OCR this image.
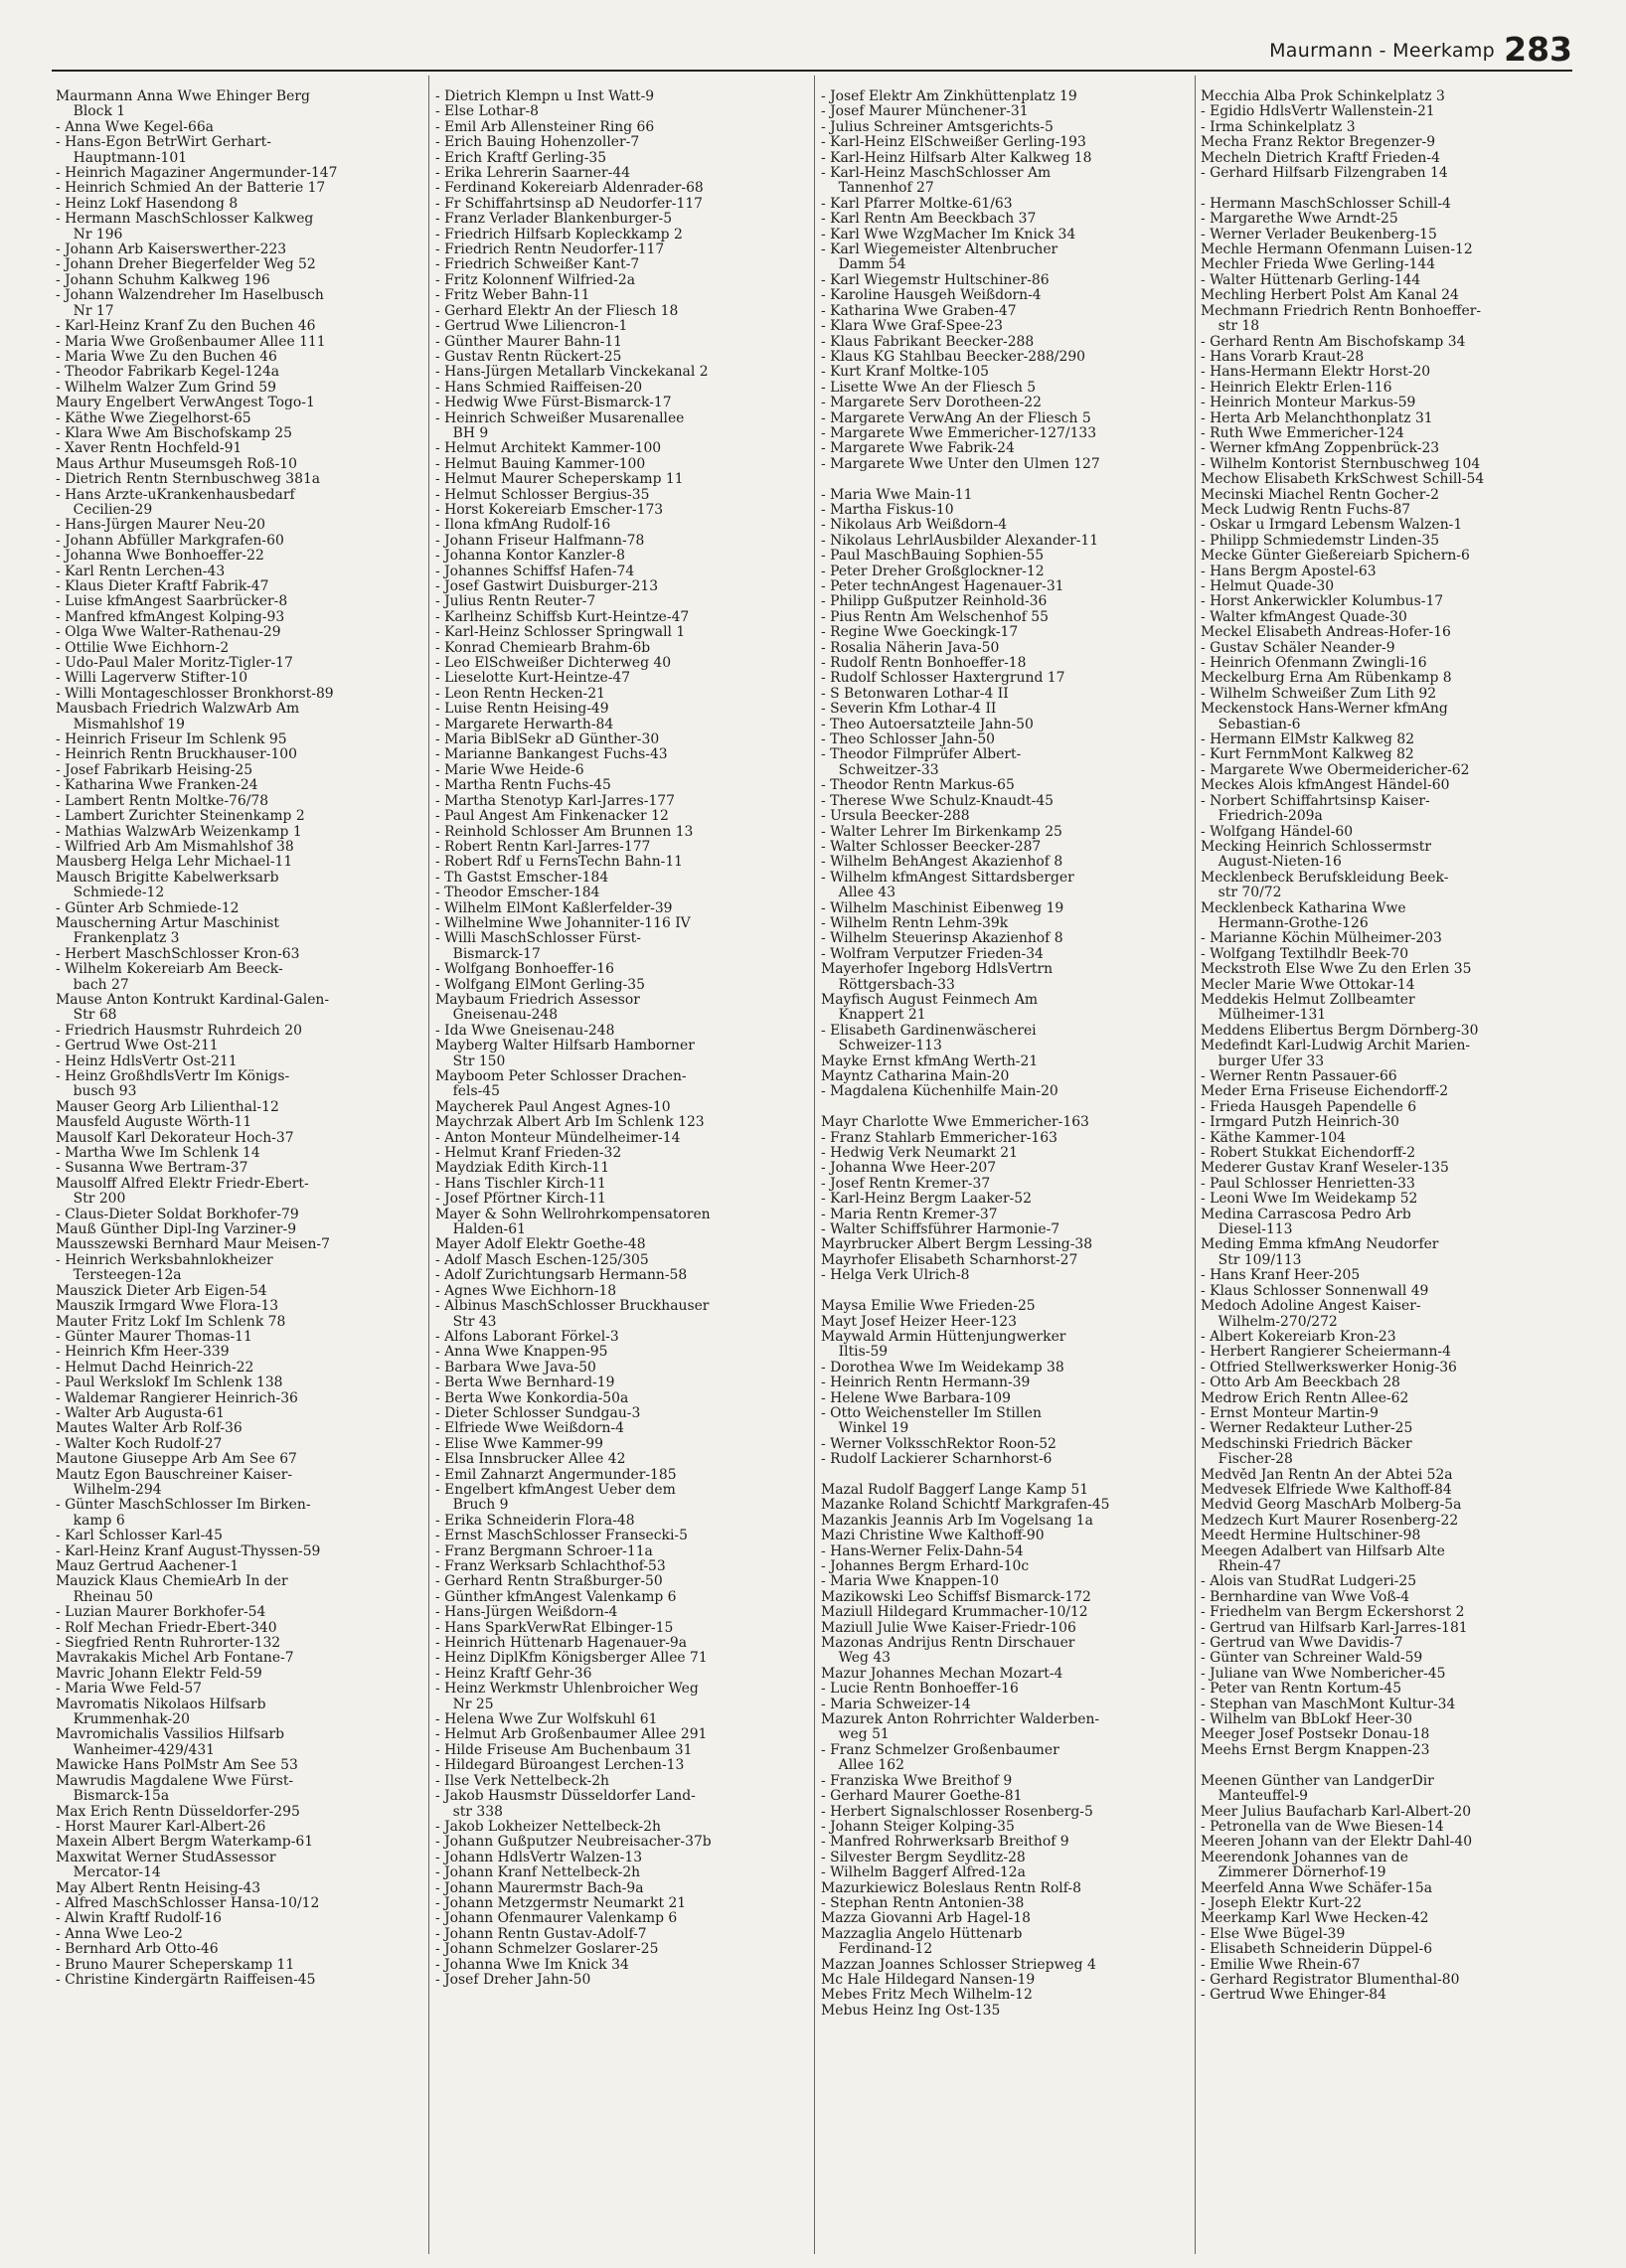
Maurmann - Meerkamp 283
Maurmann Anna Wwe Ehinger Berg
Block 1
- Anna Wwe Kegel-66a
- Hans-Egon BetrWirt Gerhart-
Hauptmann-101
- Heinrich Magaziner Angermunder-147
- Heinrich Schmied An der Batterie 17
- Heinz Lokf Hasendong 8
- Hermann MaschSchlosser Kalkweg
Nr 196
- Johann Arb Kaiserswerther-223
- Johann Dreher Biegerfelder Weg 52
- Johann Schuhm Kalkweg 196
- Johann Walzendreher Im Haselbusch
Nr 17
- Karl-Heinz Kranf Zu den Buchen 46
- Maria Wwe Großenbaumer Allee 111
- Maria Wwe Zu den Buchen 46
- Theodor Fabrikarb Kegel-124a
- Wilhelm Walzer Zum Grind 59
Maury Engelbert VerwAngest Togo-1
- Käthe Wwe Ziegelhorst-65
- Klara Wwe Am Bischofskamp 25
- Xaver Rentn Hochfeld-91
Maus Arthur Museumsgeh Roß-10
- Dietrich Rentn Sternbuschweg 381a
- Hans Ärzte-uKrankenhausbedarf
Cecilien-29
- Hans-Jürgen Maurer Neu-20
- Johann Abfüller Markgrafen-60
- Johanna Wwe Bonhoeffer-22
- Karl Rentn Lerchen-43
- Klaus Dieter Kraftf Fabrik-47
- Luise kfmAngest Saarbrücker-8
- Manfred kfmAngest Kolping-93
- Olga Wwe Walter-Rathenau-29
- Ottilie Wwe Eichhorn-2
- Udo-Paul Maler Moritz-Tigler-17
- Willi Lagerverw Stifter-10
- Willi Montageschlosser Bronkhorst-89
Mausbach Friedrich WalzwArb Am
Mismahlshof 19
- Heinrich Friseur Im Schlenk 95
- Heinrich Rentn Bruckhauser-100
- Josef Fabrikarb Heising-25
- Katharina Wwe Franken-24
- Lambert Rentn Moltke-76/78
- Lambert Zurichter Steinenkamp 2
- Mathias WalzwArb Weizenkamp 1
- Wilfried Arb Am Mismahlshof 38
Mausberg Helga Lehr Michael-11
Mausch Brigitte Kabelwerksarb
Schmiede-12
- Günter Arb Schmiede-12
Mauscherning Artur Maschinist
Frankenplatz 3
- Herbert MaschSchlosser Kron-63
- Wilhelm Kokereiarb Am Beeck-
bach 27
Mause Anton Kontrukt Kardinal-Galen-
Str 68
- Friedrich Hausmstr Ruhrdeich 20
- Gertrud Wwe Ost-211
- Heinz HdlsVertr Ost-211
- Heinz GroßhdlsVertr Im Königs-
busch 93
Mauser Georg Arb Lilienthal-12
Mausfeld Auguste Wörth-11
Mausolf Karl Dekorateur Hoch-37
- Martha Wwe Im Schlenk 14
- Susanna Wwe Bertram-37
Mausolff Alfred Elektr Friedr-Ebert-
Str 200
- Claus-Dieter Soldat Borkhofer-79
Mauß Günther Dipl-Ing Varziner-9
Mausszewski Bernhard Maur Meisen-7
- Heinrich Werksbahnlokheizer
Tersteegen-12a
Mauszick Dieter Arb Eigen-54
Mauszik Irmgard Wwe Flora-13
Mauter Fritz Lokf Im Schlenk 78
- Günter Maurer Thomas-11
- Heinrich Kfm Heer-339
- Helmut Dachd Heinrich-22
- Paul Werkslokf Im Schlenk 138
- Waldemar Rangierer Heinrich-36
- Walter Arb Augusta-61
Mautes Walter Arb Rolf-36
- Walter Koch Rudolf-27
Mautone Giuseppe Arb Am See 67
Mautz Egon Bauschreiner Kaiser-
Wilhelm-294
- Günter MaschSchlosser Im Birken-
kamp 6
- Karl Schlosser Karl-45
- Karl-Heinz Kranf August-Thyssen-59
Mauz Gertrud Aachener-1
Mauzick Klaus ChemieArb In der
Rheinau 50
- Luzian Maurer Borkhofer-54
- Rolf Mechan Friedr-Ebert-340
- Siegfried Rentn Ruhrorter-132
Mavrakakis Michel Arb Fontane-7
Mavric Johann Elektr Feld-59
- Maria Wwe Feld-57
Mavromatis Nikolaos Hilfsarb
Krummenhak-20
Mavromichalis Vassilios Hilfsarb
Wanheimer-429/431
Mawicke Hans PolMstr Am See 53
Mawrudis Magdalene Wwe Fürst-
Bismarck-15a
Max Erich Rentn Düsseldorfer-295
- Horst Maurer Karl-Albert-26
Maxein Albert Bergm Waterkamp-61
Maxwitat Werner StudAssessor
Mercator-14
May Albert Rentn Heising-43
- Alfred MaschSchlosser Hansa-10/12
- Alwin Kraftf Rudolf-16
- Anna Wwe Leo-2
- Bernhard Arb Otto-46
- Bruno Maurer Scheperskamp 11
- Christine Kindergärtn Raiffeisen-45
- Dietrich Klempn u Inst Watt-9
- Else Lothar-8
- Emil Arb Allensteiner Ring 66
- Erich Bauing Hohenzoller-7
- Erich Kraftf Gerling-35
- Erika Lehrerin Saarner-44
- Ferdinand Kokereiarb Aldenrader-68
- Fr Schiffahrtsinsp aD Neudorfer-117
- Franz Verlader Blankenburger-5
- Friedrich Hilfsarb Kopleckkamp 2
- Friedrich Rentn Neudorfer-117
- Friedrich Schweißer Kant-7
- Fritz Kolonnenf Wilfried-2a
- Fritz Weber Bahn-11
- Gerhard Elektr An der Fliesch 18
- Gertrud Wwe Liliencron-1
- Günther Maurer Bahn-11
- Gustav Rentn Rückert-25
- Hans-Jürgen Metallarb Vinckekanal 2
- Hans Schmied Raiffeisen-20
- Hedwig Wwe Fürst-Bismarck-17
- Heinrich Schweißer Musarenallee
BH 9
- Helmut Architekt Kammer-100
- Helmut Bauing Kammer-100
- Helmut Maurer Scheperskamp 11
- Helmut Schlosser Bergius-35
- Horst Kokereiarb Emscher-173
- Ilona kfmAng Rudolf-16
- Johann Friseur Halfmann-78
- Johanna Kontor Kanzler-8
- Johannes Schiffsf Hafen-74
- Josef Gastwirt Duisburger-213
- Julius Rentn Reuter-7
- Karlheinz Schiffsb Kurt-Heintze-47
- Karl-Heinz Schlosser Springwall 1
- Konrad Chemiearb Brahm-6b
- Leo ElSchweißer Dichterweg 40
- Lieselotte Kurt-Heintze-47
- Leon Rentn Hecken-21
- Luise Rentn Heising-49
- Margarete Herwarth-84
- Maria BiblSekr aD Günther-30
- Marianne Bankangest Fuchs-43
- Marie Wwe Heide-6
- Martha Rentn Fuchs-45
- Martha Stenotyp Karl-Jarres-177
- Paul Angest Am Finkenacker 12
- Reinhold Schlosser Am Brunnen 13
- Robert Rentn Karl-Jarres-177
- Robert Rdf u FernsTechn Bahn-11
- Th Gastst Emscher-184
- Theodor Emscher-184
- Wilhelm ElMont Kaßlerfelder-39
- Wilhelmine Wwe Johanniter-116 IV
- Willi MaschSchlosser Fürst-
Bismarck-17
- Wolfgang Bonhoeffer-16
- Wolfgang ElMont Gerling-35
Maybaum Friedrich Assessor
Gneisenau-248
- Ida Wwe Gneisenau-248
Mayberg Walter Hilfsarb Hamborner
Str 150
Mayboom Peter Schlosser Drachen-
fels-45
Maycherek Paul Angest Agnes-10
Maychrzak Albert Arb Im Schlenk 123
- Anton Monteur Mündelheimer-14
- Helmut Kranf Frieden-32
Maydziak Edith Kirch-11
- Hans Tischler Kirch-11
- Josef Pförtner Kirch-11
Mayer & Sohn Wellrohrkompensatoren
Halden-61
Mayer Adolf Elektr Goethe-48
- Adolf Masch Eschen-125/305
- Adolf Zurichtungsarb Hermann-58
- Agnes Wwe Eichhorn-18
- Albinus MaschSchlosser Bruckhauser
Str 43
- Alfons Laborant Förkel-3
- Anna Wwe Knappen-95
- Barbara Wwe Java-50
- Berta Wwe Bernhard-19
- Berta Wwe Konkordia-50a
- Dieter Schlosser Sundgau-3
- Elfriede Wwe Weißdorn-4
- Elise Wwe Kammer-99
- Elsa Innsbrucker Allee 42
- Emil Zahnarzt Angermunder-185
- Engelbert kfmAngest Ueber dem
Bruch 9
- Erika Schneiderin Flora-48
- Ernst MaschSchlosser Fransecki-5
- Franz Bergmann Schroer-11a
- Franz Werksarb Schlachthof-53
- Gerhard Rentn Straßburger-50
- Günther kfmAngest Valenkamp 6
- Hans-Jürgen Weißdorn-4
- Hans SparkVerwRat Elbinger-15
- Heinrich Hüttenarb Hagenauer-9a
- Heinz DiplKfm Königsberger Allee 71
- Heinz Kraftf Gehr-36
- Heinz Werkmstr Uhlenbroicher Weg
Nr 25
- Helena Wwe Zur Wolfskuhl 61
- Helmut Arb Großenbaumer Allee 291
- Hilde Friseuse Am Buchenbaum 31
- Hildegard Büroangest Lerchen-13
- Ilse Verk Nettelbeck-2h
- Jakob Hausmstr Düsseldorfer Land-
str 338
- Jakob Lokheizer Nettelbeck-2h
- Johann Gußputzer Neubreisacher-37b
- Johann HdlsVertr Walzen-13
- Johann Kranf Nettelbeck-2h
- Johann Maurermstr Bach-9a
- Johann Metzgermstr Neumarkt 21
- Johann Ofenmaurer Valenkamp 6
- Johann Rentn Gustav-Adolf-7
- Johann Schmelzer Goslarer-25
- Johanna Wwe Im Knick 34
- Josef Dreher Jahn-50
- Josef Elektr Am Zinkhüttenplatz 19
- Josef Maurer Münchener-31
- Julius Schreiner Amtsgerichts-5
- Karl-Heinz ElSchweißer Gerling-193
- Karl-Heinz Hilfsarb Alter Kalkweg 18
- Karl-Heinz MaschSchlosser Am
Tannenhof 27
- Karl Pfarrer Moltke-61/63
- Karl Rentn Am Beeckbach 37
- Karl Wwe WzgMacher Im Knick 34
- Karl Wiegemeister Altenbrucher
Damm 54
- Karl Wiegemstr Hultschiner-86
- Karoline Hausgeh Weißdorn-4
- Katharina Wwe Graben-47
- Klara Wwe Graf-Spee-23
- Klaus Fabrikant Beecker-288
- Klaus KG Stahlbau Beecker-288/290
- Kurt Kranf Moltke-105
- Lisette Wwe An der Fliesch 5
- Margarete Serv Dorotheen-22
- Margarete VerwAng An der Fliesch 5
- Margarete Wwe Emmericher-127/133
- Margarete Wwe Fabrik-24
- Margarete Wwe Unter den Ulmen 127

- Maria Wwe Main-11
- Martha Fiskus-10
- Nikolaus Arb Weißdorn-4
- Nikolaus LehrlAusbilder Alexander-11
- Paul MaschBauing Sophien-55
- Peter Dreher Großglockner-12
- Peter technAngest Hagenauer-31
- Philipp Gußputzer Reinhold-36
- Pius Rentn Am Welschenhof 55
- Regine Wwe Goeckingk-17
- Rosalia Näherin Java-50
- Rudolf Rentn Bonhoeffer-18
- Rudolf Schlosser Haxtergrund 17
- S Betonwaren Lothar-4 II
- Severin Kfm Lothar-4 II
- Theo Autoersatzteile Jahn-50
- Theo Schlosser Jahn-50
- Theodor Filmprüfer Albert-
Schweitzer-33
- Theodor Rentn Markus-65
- Therese Wwe Schulz-Knaudt-45
- Ursula Beecker-288
- Walter Lehrer Im Birkenkamp 25
- Walter Schlosser Beecker-287
- Wilhelm BehAngest Akazienhof 8
- Wilhelm kfmAngest Sittardsberger
Allee 43
- Wilhelm Maschinist Eibenweg 19
- Wilhelm Rentn Lehm-39k
- Wilhelm Steuerinsp Akazienhof 8
- Wolfram Verputzer Frieden-34
Mayerhofer Ingeborg HdlsVertrn
Röttgersbach-33
Mayfisch August Feinmech Am
Knappert 21
- Elisabeth Gardinenwäscherei
Schweizer-113
Mayke Ernst kfmAng Werth-21
Mayntz Catharina Main-20
- Magdalena Küchenhilfe Main-20

Mayr Charlotte Wwe Emmericher-163
- Franz Stahlarb Emmericher-163
- Hedwig Verk Neumarkt 21
- Johanna Wwe Heer-207
- Josef Rentn Kremer-37
- Karl-Heinz Bergm Laaker-52
- Maria Rentn Kremer-37
- Walter Schiffsführer Harmonie-7
Mayrbrucker Albert Bergm Lessing-38
Mayrhofer Elisabeth Scharnhorst-27
- Helga Verk Ulrich-8

Maysa Emilie Wwe Frieden-25
Mayt Josef Heizer Heer-123
Maywald Armin Hüttenjungwerker
Iltis-59
- Dorothea Wwe Im Weidekamp 38
- Heinrich Rentn Hermann-39
- Helene Wwe Barbara-109
- Otto Weichensteller Im Stillen
Winkel 19
- Werner VolksschRektor Roon-52
- Rudolf Lackierer Scharnhorst-6

Mazal Rudolf Baggerf Lange Kamp 51
Mazanke Roland Schichtf Markgrafen-45
Mazankis Jeannis Arb Im Vogelsang 1a
Mazi Christine Wwe Kalthoff-90
- Hans-Werner Felix-Dahn-54
- Johannes Bergm Erhard-10c
- Maria Wwe Knappen-10
Mazikowski Leo Schiffsf Bismarck-172
Maziull Hildegard Krummacher-10/12
Maziull Julie Wwe Kaiser-Friedr-106
Mazonas Andrijus Rentn Dirschauer
Weg 43
Mazur Johannes Mechan Mozart-4
- Lucie Rentn Bonhoeffer-16
- Maria Schweizer-14
Mazurek Anton Rohrrichter Walderben-
weg 51
- Franz Schmelzer Großenbaumer
Allee 162
- Franziska Wwe Breithof 9
- Gerhard Maurer Goethe-81
- Herbert Signalschlosser Rosenberg-5
- Johann Steiger Kolping-35
- Manfred Rohrwerksarb Breithof 9
- Silvester Bergm Seydlitz-28
- Wilhelm Baggerf Alfred-12a
Mazurkiewicz Boleslaus Rentn Rolf-8
- Stephan Rentn Antonien-38
Mazza Giovanni Arb Hagel-18
Mazzaglia Angelo Hüttenarb
Ferdinand-12
Mazzan Joannes Schlosser Striepweg 4
Mc Hale Hildegard Nansen-19
Mebes Fritz Mech Wilhelm-12
Mebus Heinz Ing Ost-135
Mecchia Alba Prok Schinkelplatz 3
- Egidio HdlsVertr Wallenstein-21
- Irma Schinkelplatz 3
Mecha Franz Rektor Bregenzer-9
Mecheln Dietrich Kraftf Frieden-4
- Gerhard Hilfsarb Filzengraben 14

- Hermann MaschSchlosser Schill-4
- Margarethe Wwe Arndt-25
- Werner Verlader Beukenberg-15
Mechle Hermann Ofenmann Luisen-12
Mechler Frieda Wwe Gerling-144
- Walter Hüttenarb Gerling-144
Mechling Herbert Polst Am Kanal 24
Mechmann Friedrich Rentn Bonhoeffer-
str 18
- Gerhard Rentn Am Bischofskamp 34
- Hans Vorarb Kraut-28
- Hans-Hermann Elektr Horst-20
- Heinrich Elektr Erlen-116
- Heinrich Monteur Markus-59
- Herta Arb Melanchthonplatz 31
- Ruth Wwe Emmericher-124
- Werner kfmAng Zoppenbrück-23
- Wilhelm Kontorist Sternbuschweg 104
Mechow Elisabeth KrkSchwest Schill-54
Mecinski Miachel Rentn Gocher-2
Meck Ludwig Rentn Fuchs-87
- Oskar u Irmgard Lebensm Walzen-1
- Philipp Schmiedemstr Linden-35
Mecke Günter Gießereiarb Spichern-6
- Hans Bergm Apostel-63
- Helmut Quade-30
- Horst Ankerwickler Kolumbus-17
- Walter kfmAngest Quade-30
Meckel Elisabeth Andreas-Hofer-16
- Gustav Schäler Neander-9
- Heinrich Ofenmann Zwingli-16
Meckelburg Erna Am Rübenkamp 8
- Wilhelm Schweißer Zum Lith 92
Meckenstock Hans-Werner kfmAng
Sebastian-6
- Hermann ElMstr Kalkweg 82
- Kurt FernmMont Kalkweg 82
- Margarete Wwe Obermeidericher-62
Meckes Alois kfmAngest Händel-60
- Norbert Schiffahrtsinsp Kaiser-
Friedrich-209a
- Wolfgang Händel-60
Mecking Heinrich Schlossermstr
August-Nieten-16
Mecklenbeck Berufskleidung Beek-
str 70/72
Mecklenbeck Katharina Wwe
Hermann-Grothe-126
- Marianne Köchin Mülheimer-203
- Wolfgang Textilhdlr Beek-70
Meckstroth Else Wwe Zu den Erlen 35
Mecler Marie Wwe Ottokar-14
Meddekis Helmut Zollbeamter
Mülheimer-131
Meddens Elibertus Bergm Dörnberg-30
Medefindt Karl-Ludwig Archit Marien-
burger Ufer 33
- Werner Rentn Passauer-66
Meder Erna Friseuse Eichendorff-2
- Frieda Hausgeh Papendelle 6
- Irmgard Putzh Heinrich-30
- Käthe Kammer-104
- Robert Stukkat Eichendorff-2
Mederer Gustav Kranf Weseler-135
- Paul Schlosser Henrietten-33
- Leoni Wwe Im Weidekamp 52
Medina Carrascosa Pedro Arb
Diesel-113
Meding Emma kfmAng Neudorfer
Str 109/113
- Hans Kranf Heer-205
- Klaus Schlosser Sonnenwall 49
Medoch Adoline Angest Kaiser-
Wilhelm-270/272
- Albert Kokereiarb Kron-23
- Herbert Rangierer Scheiermann-4
- Otfried Stellwerkswerker Honig-36
- Otto Arb Am Beeckbach 28
Medrow Erich Rentn Allee-62
- Ernst Monteur Martin-9
- Werner Redakteur Luther-25
Medschinski Friedrich Bäcker
Fischer-28
Medvěd Jan Rentn An der Abtei 52a
Medvesek Elfriede Wwe Kalthoff-84
Medvid Georg MaschArb Molberg-5a
Medzech Kurt Maurer Rosenberg-22
Meedt Hermine Hultschiner-98
Meegen Adalbert van Hilfsarb Alte
Rhein-47
- Alois van StudRat Ludgeri-25
- Bernhardine van Wwe Voß-4
- Friedhelm van Bergm Eckershorst 2
- Gertrud van Hilfsarb Karl-Jarres-181
- Gertrud van Wwe Davidis-7
- Günter van Schreiner Wald-59
- Juliane van Wwe Nombericher-45
- Peter van Rentn Kortum-45
- Stephan van MaschMont Kultur-34
- Wilhelm van BbLokf Heer-30
Meeger Josef Postsekr Donau-18
Meehs Ernst Bergm Knappen-23

Meenen Günther van LandgerDir
Manteuffel-9
Meer Julius Baufacharb Karl-Albert-20
- Petronella van de Wwe Biesen-14
Meeren Johann van der Elektr Dahl-40
Meerendonk Johannes van de
Zimmerer Dörnerhof-19
Meerfeld Anna Wwe Schäfer-15a
- Joseph Elektr Kurt-22
Meerkamp Karl Wwe Hecken-42
- Else Wwe Bügel-39
- Elisabeth Schneiderin Düppel-6
- Emilie Wwe Rhein-67
- Gerhard Registrator Blumenthal-80
- Gertrud Wwe Ehinger-84
